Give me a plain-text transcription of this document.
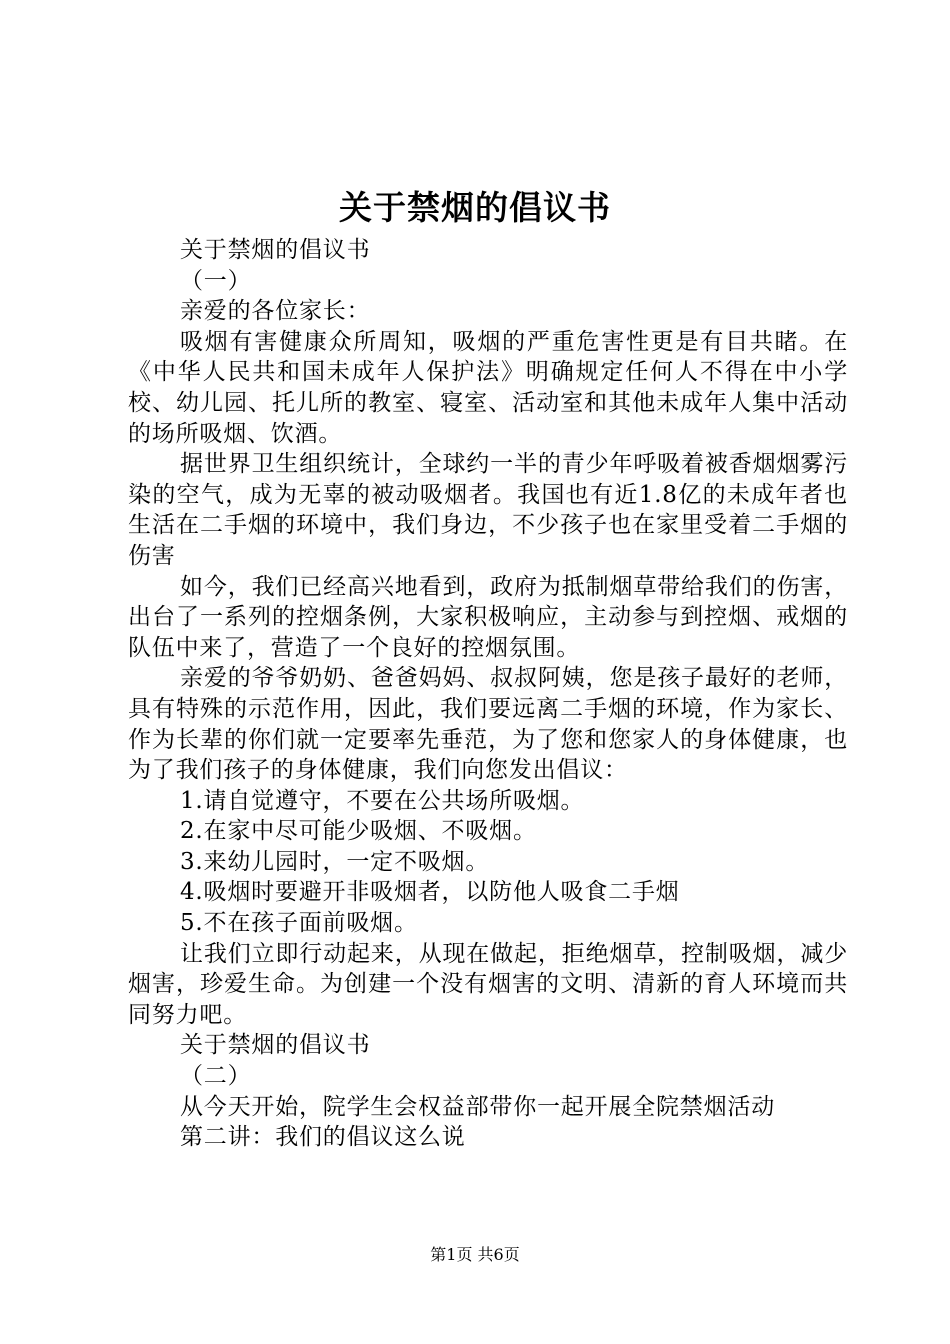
关于禁烟的倡议书

关于禁烟的倡议书

（一）

亲爱的各位家长：

吸烟有害健康众所周知，吸烟的严重危害性更是有目共睹。在《中华人民共和国未成年人保护法》明确规定任何人不得在中小学校、幼儿园、托儿所的教室、寝室、活动室和其他未成年人集中活动的场所吸烟、饮酒。

据世界卫生组织统计，全球约一半的青少年呼吸着被香烟烟雾污染的空气，成为无辜的被动吸烟者。我国也有近1.8亿的未成年者也生活在二手烟的环境中，我们身边，不少孩子也在家里受着二手烟的伤害

如今，我们已经高兴地看到，政府为抵制烟草带给我们的伤害，出台了一系列的控烟条例，大家积极响应，主动参与到控烟、戒烟的队伍中来了，营造了一个良好的控烟氛围。

亲爱的爷爷奶奶、爸爸妈妈、叔叔阿姨，您是孩子最好的老师，具有特殊的示范作用，因此，我们要远离二手烟的环境，作为家长、作为长辈的你们就一定要率先垂范，为了您和您家人的身体健康，也为了我们孩子的身体健康，我们向您发出倡议：

1.请自觉遵守，不要在公共场所吸烟。

2.在家中尽可能少吸烟、不吸烟。

3.来幼儿园时，一定不吸烟。

4.吸烟时要避开非吸烟者，以防他人吸食二手烟

5.不在孩子面前吸烟。

让我们立即行动起来，从现在做起，拒绝烟草，控制吸烟，减少烟害，珍爱生命。为创建一个没有烟害的文明、清新的育人环境而共同努力吧。

关于禁烟的倡议书

（二）

从今天开始，院学生会权益部带你一起开展全院禁烟活动

第二讲：我们的倡议这么说

第1页 共6页
